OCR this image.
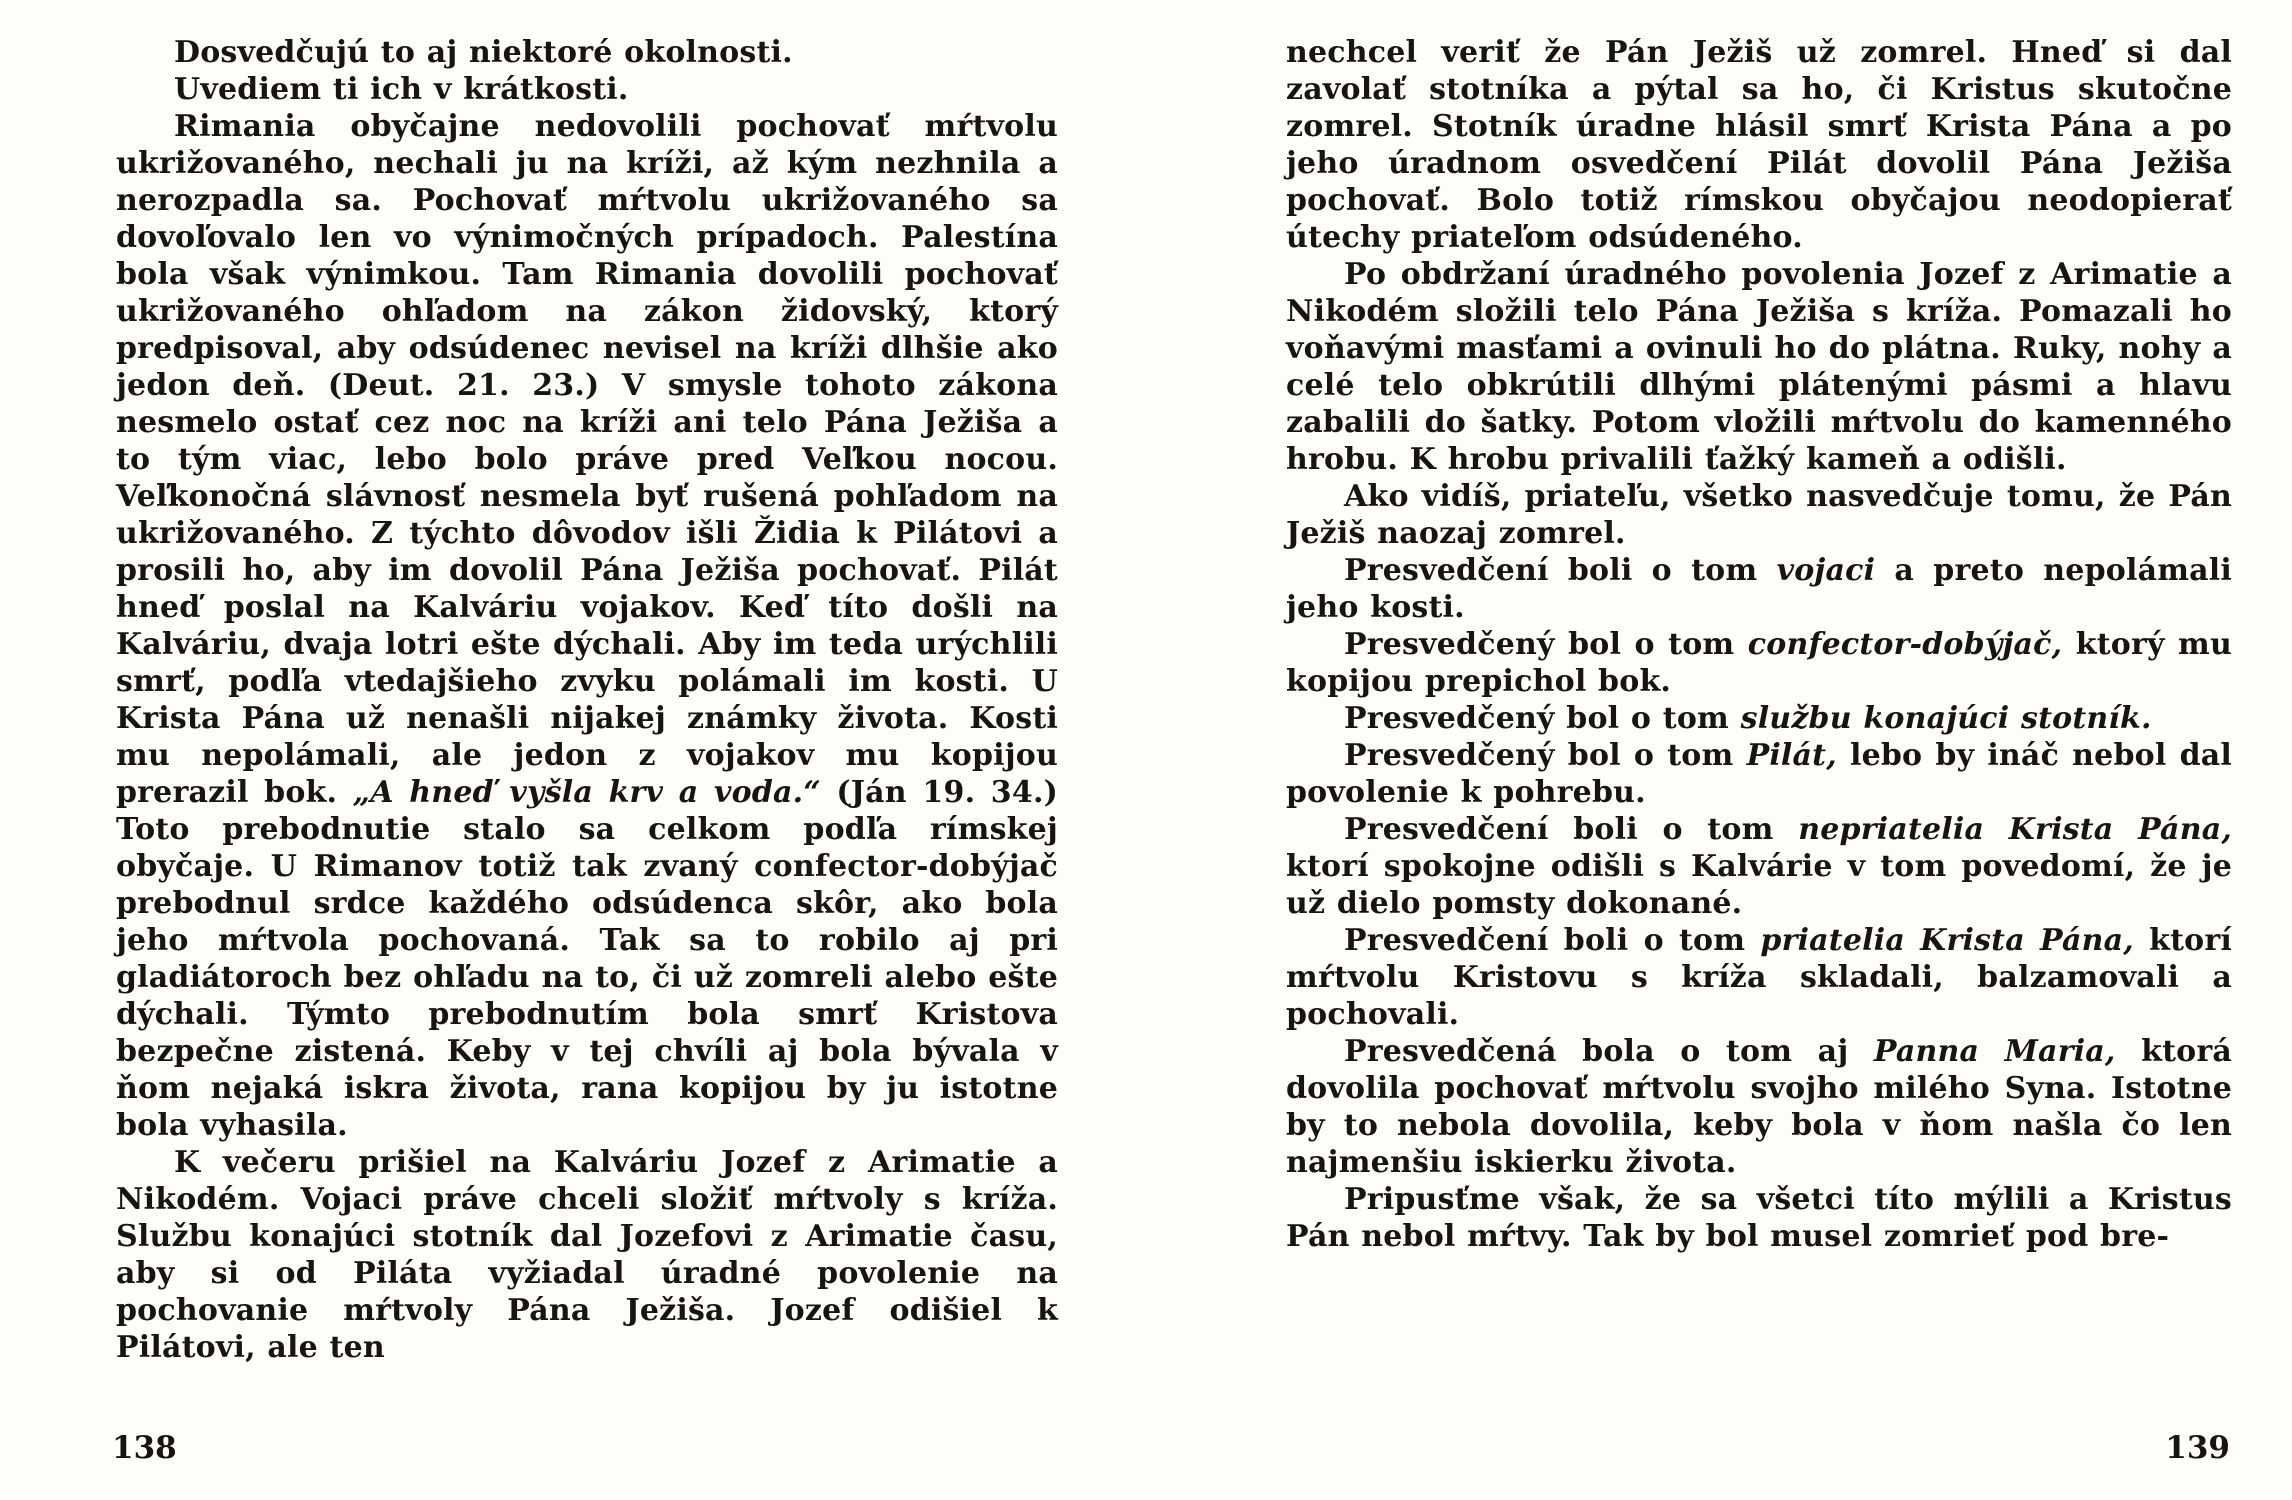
Dosvedčujú to aj niektoré okolnosti.

Uvediem ti ich v krátkosti.

Rimania obyčajne nedovolili pochovať mŕtvolu ukrižovaného, nechali ju na kríži, až kým nezhnila a nerozpadla sa. Pochovať mŕtvolu ukrižovaného sa dovoľovalo len vo výnimočných prípadoch. Palestína bola však výnimkou. Tam Rimania dovolili pochovať ukrižovaného ohľadom na zákon židovský, ktorý predpisoval, aby odsúdenec nevisel na kríži dlhšie ako jedon deň. (Deut. 21. 23.) V smysle tohoto zákona nesmelo ostať cez noc na kríži ani telo Pána Ježiša a to tým viac, lebo bolo práve pred Veľkou nocou. Veľkonočná slávnosť nesmela byť rušená pohľadom na ukrižovaného. Z týchto dôvodov išli Židia k Pilátovi a prosili ho, aby im dovolil Pána Ježiša pochovať. Pilát hneď poslal na Kalváriu vojakov. Keď títo došli na Kalváriu, dvaja lotri ešte dýchali. Aby im teda urýchlili smrť, podľa vtedajšieho zvyku polámali im kosti. U Krista Pána už nenašli nijakej známky života. Kosti mu nepolámali, ale jedon z vojakov mu kopijou prerazil bok. „A hneď vyšla krv a voda.“ (Ján 19. 34.) Toto prebodnutie stalo sa celkom podľa rímskej obyčaje. U Rimanov totiž tak zvaný confector-dobýjač prebodnul srdce každého odsúdenca skôr, ako bola jeho mŕtvola pochovaná. Tak sa to robilo aj pri gladiátoroch bez ohľadu na to, či už zomreli alebo ešte dýchali. Týmto prebodnutím bola smrť Kristova bezpečne zistená. Keby v tej chvíli aj bola bývala v ňom nejaká iskra života, rana kopijou by ju istotne bola vyhasila.

K večeru prišiel na Kalváriu Jozef z Arimatie a Nikodém. Vojaci práve chceli složiť mŕtvoly s kríža. Službu konajúci stotník dal Jozefovi z Arimatie času, aby si od Piláta vyžiadal úradné povolenie na pochovanie mŕtvoly Pána Ježiša. Jozef odišiel k Pilátovi, ale ten

nechcel veriť že Pán Ježiš už zomrel. Hneď si dal zavolať stotníka a pýtal sa ho, či Kristus skutočne zomrel. Stotník úradne hlásil smrť Krista Pána a po jeho úradnom osvedčení Pilát dovolil Pána Ježiša pochovať. Bolo totiž rímskou obyčajou neodopierať útechy priateľom odsúdeného.

Po obdržaní úradného povolenia Jozef z Arimatie a Nikodém složili telo Pána Ježiša s kríža. Pomazali ho voňavými masťami a ovinuli ho do plátna. Ruky, nohy a celé telo obkrútili dlhými plátenými pásmi a hlavu zabalili do šatky. Potom vložili mŕtvolu do kamenného hrobu. K hrobu privalili ťažký kameň a odišli.

Ako vidíš, priateľu, všetko nasvedčuje tomu, že Pán Ježiš naozaj zomrel.

Presvedčení boli o tom vojaci a preto nepolámali jeho kosti.

Presvedčený bol o tom confector-dobýjač, ktorý mu kopijou prepichol bok.

Presvedčený bol o tom službu konajúci stotník.

Presvedčený bol o tom Pilát, lebo by ináč nebol dal povolenie k pohrebu.

Presvedčení boli o tom nepriatelia Krista Pána, ktorí spokojne odišli s Kalvárie v tom povedomí, že je už dielo pomsty dokonané.

Presvedčení boli o tom priatelia Krista Pána, ktorí mŕtvolu Kristovu s kríža skladali, balzamovali a pochovali.

Presvedčená bola o tom aj Panna Maria, ktorá dovolila pochovať mŕtvolu svojho milého Syna. Istotne by to nebola dovolila, keby bola v ňom našla čo len najmenšiu iskierku života.

Pripusťme však, že sa všetci títo mýlili a Kristus Pán nebol mŕtvy. Tak by bol musel zomrieť pod bre-

138	139
